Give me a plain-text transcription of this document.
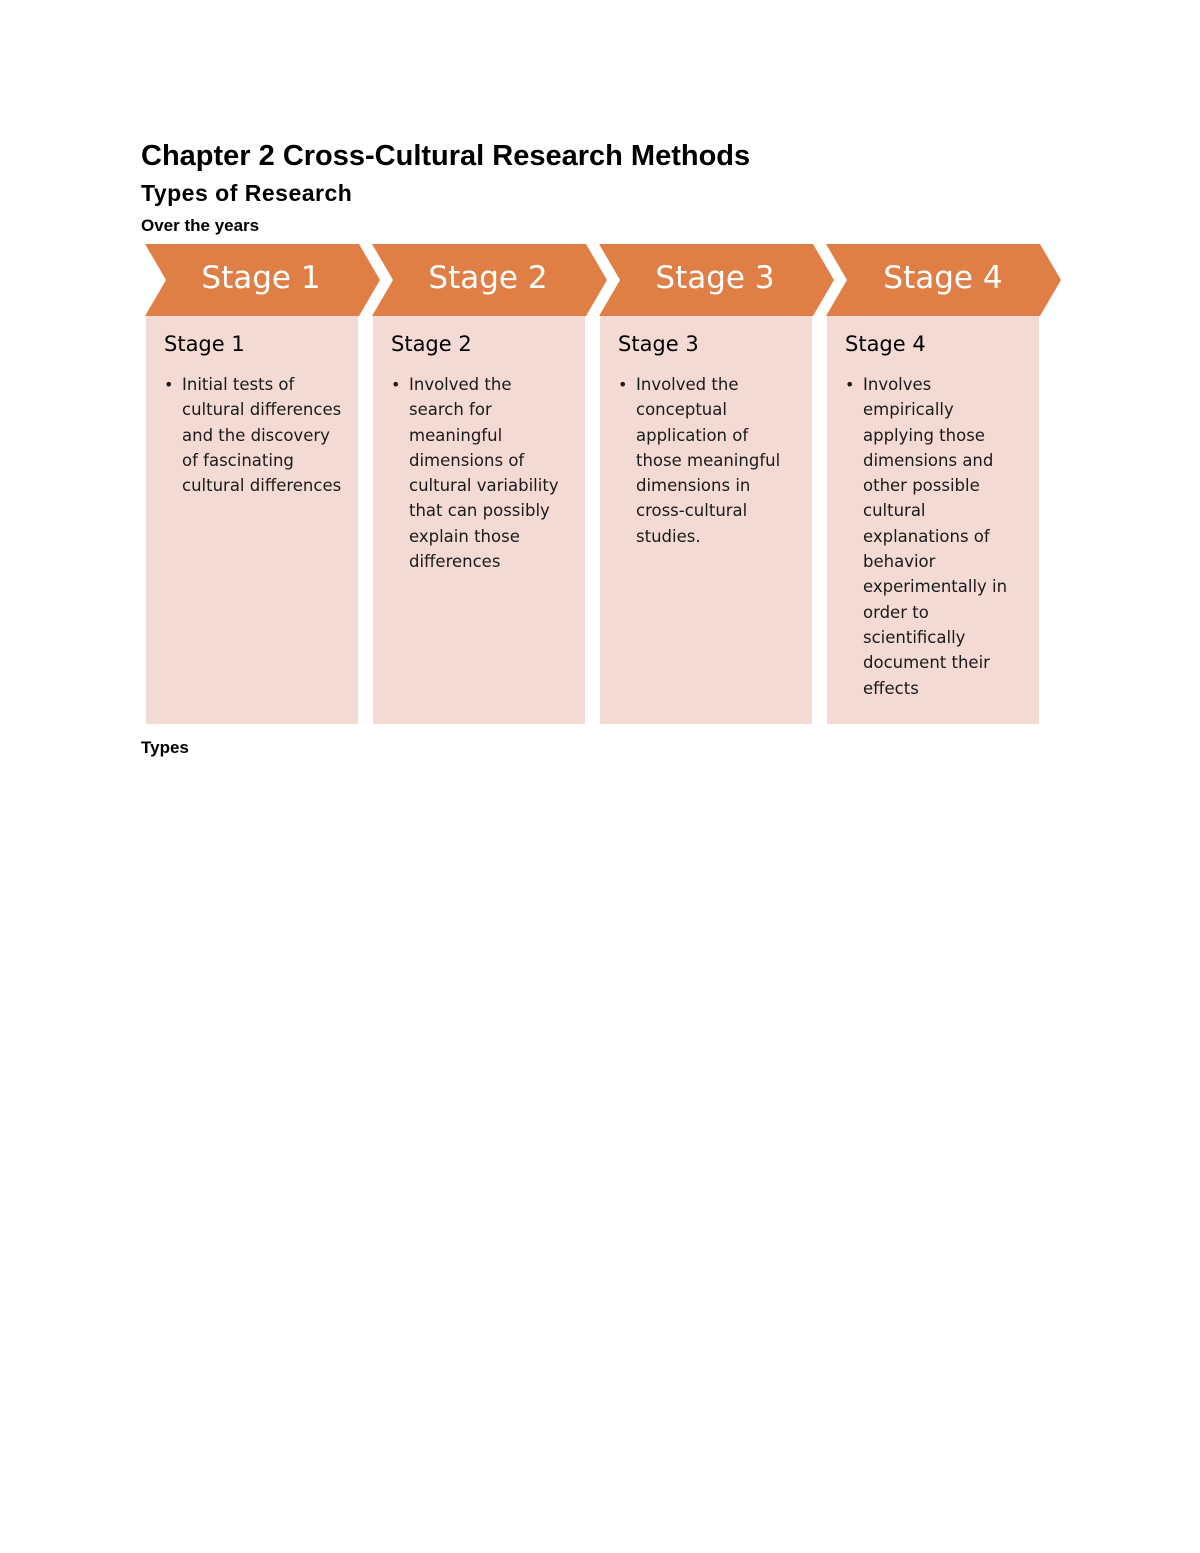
Chapter 2 Cross-Cultural Research Methods
Types of Research
Over the years
Stage 1	Stage 2	Stage 3	Stage 4
Stage 1
• Initial tests of cultural differences and the discovery of fascinating cultural differences
Stage 2
• Involved the search for meaningful dimensions of cultural variability that can possibly explain those differences
Stage 3
• Involved the conceptual application of those meaningful dimensions in cross-cultural studies.
Stage 4
• Involves empirically applying those dimensions and other possible cultural explanations of behavior experimentally in order to scientifically document their effects
Types
